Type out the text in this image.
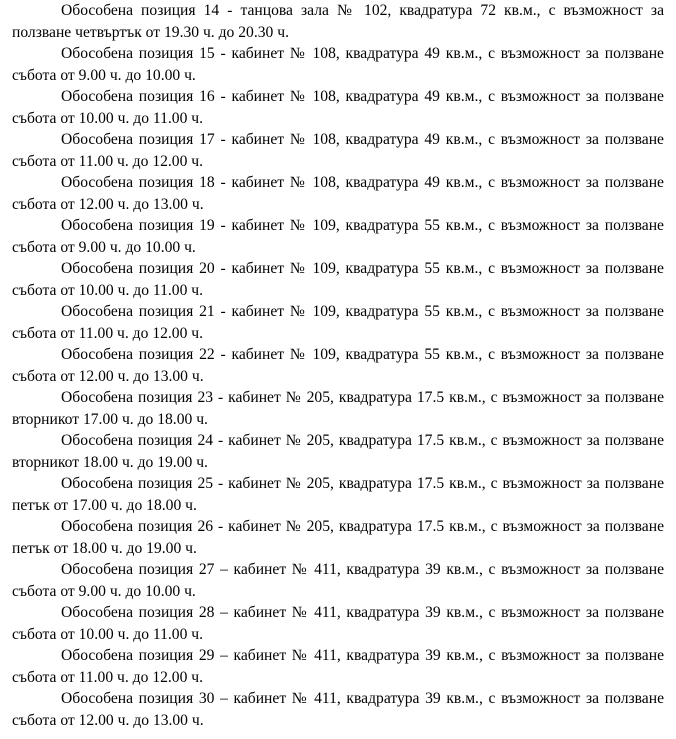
Обособена позиция 14 - танцова зала № 102, квадратура 72 кв.м., с възможност за ползване четвъртък от 19.30 ч. до 20.30 ч.

Обособена позиция 15 - кабинет № 108, квадратура 49 кв.м., с възможност за ползване събота от 9.00 ч. до 10.00 ч.

Обособена позиция 16 - кабинет № 108, квадратура 49 кв.м., с възможност за ползване събота от 10.00 ч. до 11.00 ч.

Обособена позиция 17 - кабинет № 108, квадратура 49 кв.м., с възможност за ползване събота от 11.00 ч. до 12.00 ч.

Обособена позиция 18 - кабинет № 108, квадратура 49 кв.м., с възможност за ползване събота от 12.00 ч. до 13.00 ч.

Обособена позиция 19 - кабинет № 109, квадратура 55 кв.м., с възможност за ползване събота от 9.00 ч. до 10.00 ч.

Обособена позиция 20 - кабинет № 109, квадратура 55 кв.м., с възможност за ползване събота от 10.00 ч. до 11.00 ч.

Обособена позиция 21 - кабинет № 109, квадратура 55 кв.м., с възможност за ползване събота от 11.00 ч. до 12.00 ч.

Обособена позиция 22 - кабинет № 109, квадратура 55 кв.м., с възможност за ползване събота от 12.00 ч. до 13.00 ч.

Обособена позиция 23 - кабинет № 205, квадратура 17.5 кв.м., с възможност за ползване вторникот 17.00 ч. до 18.00 ч.

Обособена позиция 24 - кабинет № 205, квадратура 17.5 кв.м., с възможност за ползване вторникот 18.00 ч. до 19.00 ч.

Обособена позиция 25 - кабинет № 205, квадратура 17.5 кв.м., с възможност за ползване петък от 17.00 ч. до 18.00 ч.

Обособена позиция 26 - кабинет № 205, квадратура 17.5 кв.м., с възможност за ползване петък от 18.00 ч. до 19.00 ч.

Обособена позиция 27 – кабинет № 411, квадратура 39 кв.м., с възможност за ползване събота от 9.00 ч. до 10.00 ч.

Обособена позиция 28 – кабинет № 411, квадратура 39 кв.м., с възможност за ползване събота от 10.00 ч. до 11.00 ч.

Обособена позиция 29 – кабинет № 411, квадратура 39 кв.м., с възможност за ползване събота от 11.00 ч. до 12.00 ч.

Обособена позиция 30 – кабинет № 411, квадратура 39 кв.м., с възможност за ползване събота от 12.00 ч. до 13.00 ч.
